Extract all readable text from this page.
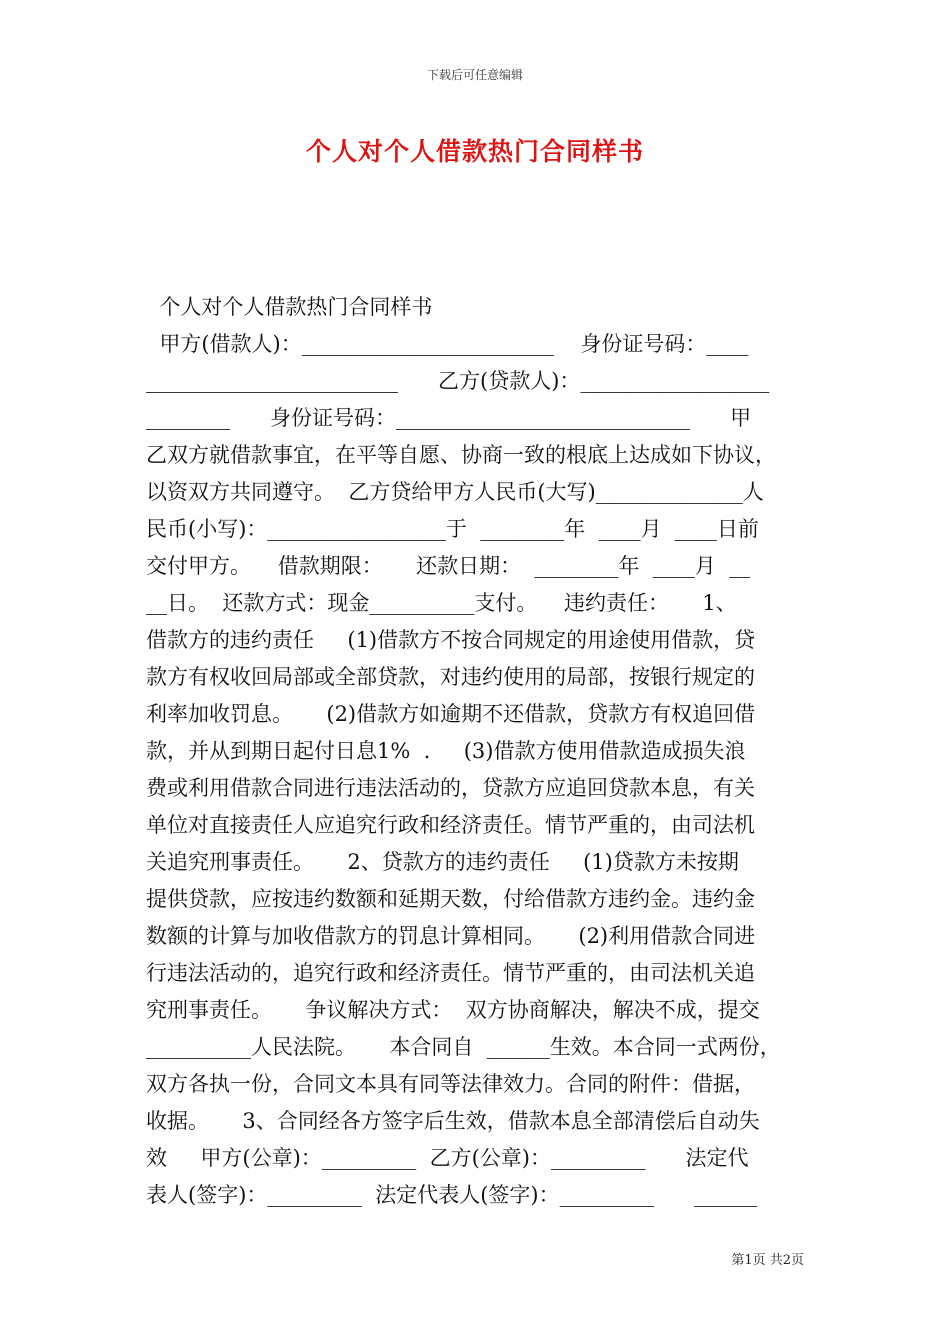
下载后可任意编辑
个人对个人借款热门合同样书
个人对个人借款热门合同样书
甲方(借款人)：________________________    身份证号码：____
________________________      乙方(贷款人)：__________________
________      身份证号码：____________________________      甲
乙双方就借款事宜，在平等自愿、协商一致的根底上达成如下协议，
以资双方共同遵守。  乙方贷给甲方人民币(大写)______________人
民币(小写)：_________________于  ________年  ____月  ____日前
交付甲方。    借款期限：     还款日期：  ________年  ____月  __
__日。  还款方式：现金__________支付。    违约责任：     1、
借款方的违约责任     (1)借款方不按合同规定的用途使用借款，贷
款方有权收回局部或全部贷款，对违约使用的局部，按银行规定的
利率加收罚息。     (2)借款方如逾期不还借款，贷款方有权追回借
款，并从到期日起付日息1%  .     (3)借款方使用借款造成损失浪
费或利用借款合同进行违法活动的，贷款方应追回贷款本息，有关
单位对直接责任人应追究行政和经济责任。情节严重的，由司法机
关追究刑事责任。     2、贷款方的违约责任     (1)贷款方未按期
提供贷款，应按违约数额和延期天数，付给借款方违约金。违约金
数额的计算与加收借款方的罚息计算相同。     (2)利用借款合同进
行违法活动的，追究行政和经济责任。情节严重的，由司法机关追
究刑事责任。     争议解决方式：  双方协商解决，解决不成，提交
__________人民法院。     本合同自  ______生效。本合同一式两份，
双方各执一份，合同文本具有同等法律效力。合同的附件：借据，
收据。     3、合同经各方签字后生效，借款本息全部清偿后自动失
效     甲方(公章)：_________  乙方(公章)：_________      法定代
表人(签字)：_________  法定代表人(签字)：_________      ______
第1页 共2页
